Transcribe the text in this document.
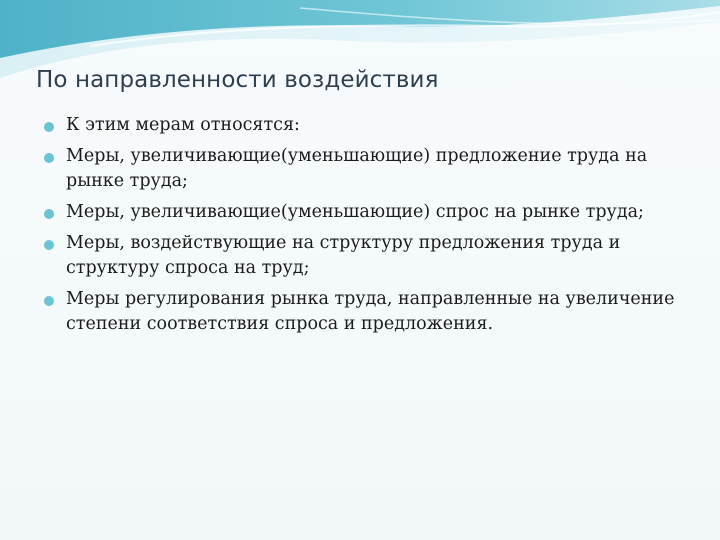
По направленности воздействия
К этим мерам относятся:
Меры, увеличивающие(уменьшающие) предложение труда на рынке труда;
Меры, увеличивающие(уменьшающие) спрос на рынке труда;
Меры, воздействующие на структуру предложения труда и структуру спроса на труд;
Меры регулирования рынка труда, направленные на увеличение степени соответствия спроса и предложения.
